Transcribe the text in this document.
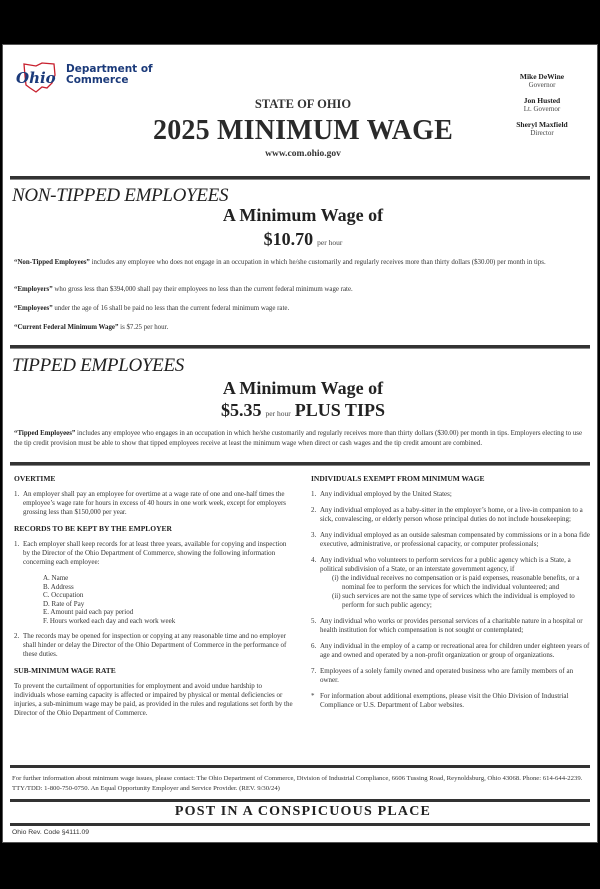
Ohio Department of
Commerce	Mike DeWine
Governor
Jon Husted
Lt. Governor
Sheryl Maxfield
Director
STATE OF OHIO
2025 MINIMUM WAGE
www.com.ohio.gov
NON-TIPPED EMPLOYEES
A Minimum Wage of
$10.70 per hour
“Non-Tipped Employees” includes any employee who does not engage in an occupation in which he/she customarily and regularly receives more than thirty dollars ($30.00) per month in tips.
“Employers” who gross less than $394,000 shall pay their employees no less than the current federal minimum wage rate.
“Employees” under the age of 16 shall be paid no less than the current federal minimum wage rate.
“Current Federal Minimum Wage” is $7.25 per hour.
TIPPED EMPLOYEES
A Minimum Wage of
$5.35 per hour PLUS TIPS
“Tipped Employees” includes any employee who engages in an occupation in which he/she customarily and regularly receives more than thirty dollars ($30.00) per month in tips. Employers electing to use the tip credit provision must be able to show that tipped employees receive at least the minimum wage when direct or cash wages and the tip credit amount are combined.
OVERTIME
1. An employer shall pay an employee for overtime at a wage rate of one and one-half times the employee’s wage rate for hours in excess of 40 hours in one work week, except for employers grossing less than $150,000 per year.
RECORDS TO BE KEPT BY THE EMPLOYER
1. Each employer shall keep records for at least three years, available for copying and inspection by the Director of the Ohio Department of Commerce, showing the following information concerning each employee:
A. Name
B. Address
C. Occupation
D. Rate of Pay
E. Amount paid each pay period
F. Hours worked each day and each work week
2. The records may be opened for inspection or copying at any reasonable time and no employer shall hinder or delay the Director of the Ohio Department of Commerce in the performance of these duties.
SUB-MINIMUM WAGE RATE

To prevent the curtailment of opportunities for employment and avoid undue hardship to individuals whose earning capacity is affected or impaired by physical or mental deficiencies or injuries, a sub-minimum wage may be paid, as provided in the rules and regulations set forth by the Director of the Ohio Department of Commerce.

INDIVIDUALS EXEMPT FROM MINIMUM WAGE
1. Any individual employed by the United States;
2. Any individual employed as a baby-sitter in the employer’s home, or a live-in companion to a sick, convalescing, or elderly person whose principal duties do not include housekeeping;
3. Any individual employed as an outside salesman compensated by commissions or in a bona fide executive, administrative, or professional capacity, or computer professionals;
4. Any individual who volunteers to perform services for a public agency which is a State, a political subdivision of a State, or an interstate government agency, if
(i) the individual receives no compensation or is paid expenses, reasonable benefits, or a nominal fee to perform the services for which the individual volunteered; and
(ii) such services are not the same type of services which the individual is employed to perform for such public agency;
5. Any individual who works or provides personal services of a charitable nature in a hospital or health institution for which compensation is not sought or contemplated;
6. Any individual in the employ of a camp or recreational area for children under eighteen years of age and owned and operated by a non-profit organization or group of organizations.
7. Employees of a solely family owned and operated business who are family members of an owner.
* For information about additional exemptions, please visit the Ohio Division of Industrial Compliance or U.S. Department of Labor websites.
For further information about minimum wage issues, please contact: The Ohio Department of Commerce, Division of Industrial Compliance, 6606 Tussing Road, Reynoldsburg, Ohio 43068. Phone: 614-644-2239. TTY/TDD: 1-800-750-0750. An Equal Opportunity Employer and Service Provider. (REV. 9/30/24)
POST IN A CONSPICUOUS PLACE
Ohio Rev. Code §4111.09
